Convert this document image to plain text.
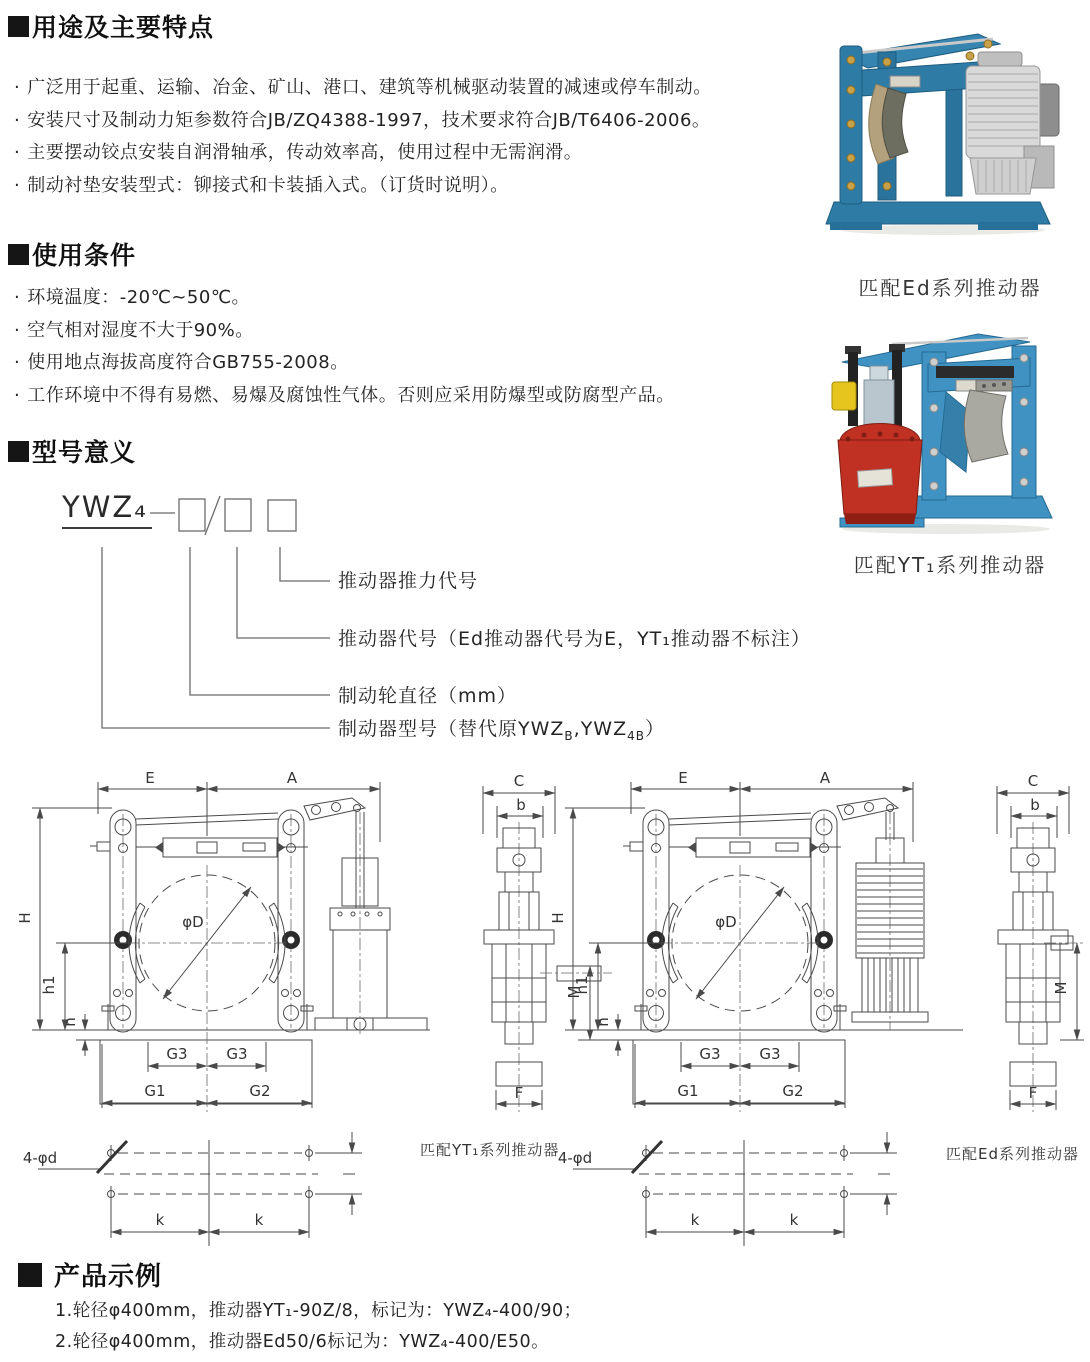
用途及主要特点
· 广泛用于起重、运输、冶金、矿山、港口、建筑等机械驱动装置的减速或停车制动。
· 安装尺寸及制动力矩参数符合JB/ZQ4388-1997，技术要求符合JB/T6406-2006。
· 主要摆动铰点安装自润滑轴承，传动效率高，使用过程中无需润滑。
· 制动衬垫安装型式：铆接式和卡装插入式。（订货时说明）。
使用条件
· 环境温度：-20℃~50℃。
· 空气相对湿度不大于90%。
· 使用地点海拔高度符合GB755-2008。
· 工作环境中不得有易燃、易爆及腐蚀性气体。否则应采用防爆型或防腐型产品。
型号意义
YWZ₄
推动器推力代号
推动器代号（Ed推动器代号为E，YT₁推动器不标注）
制动轮直径（mm）
制动器型号（替代原$YWZ_B,YWZ_{4B}$）
匹配Ed系列推动器
匹配YT₁系列推动器
M	M
匹配YT₁系列推动器	匹配Ed系列推动器
产品示例
1.轮径φ400mm，推动器YT₁-90Z/8，标记为：YWZ₄-400/90；
2.轮径φ400mm，推动器Ed50/6标记为：YWZ₄-400/E50。
